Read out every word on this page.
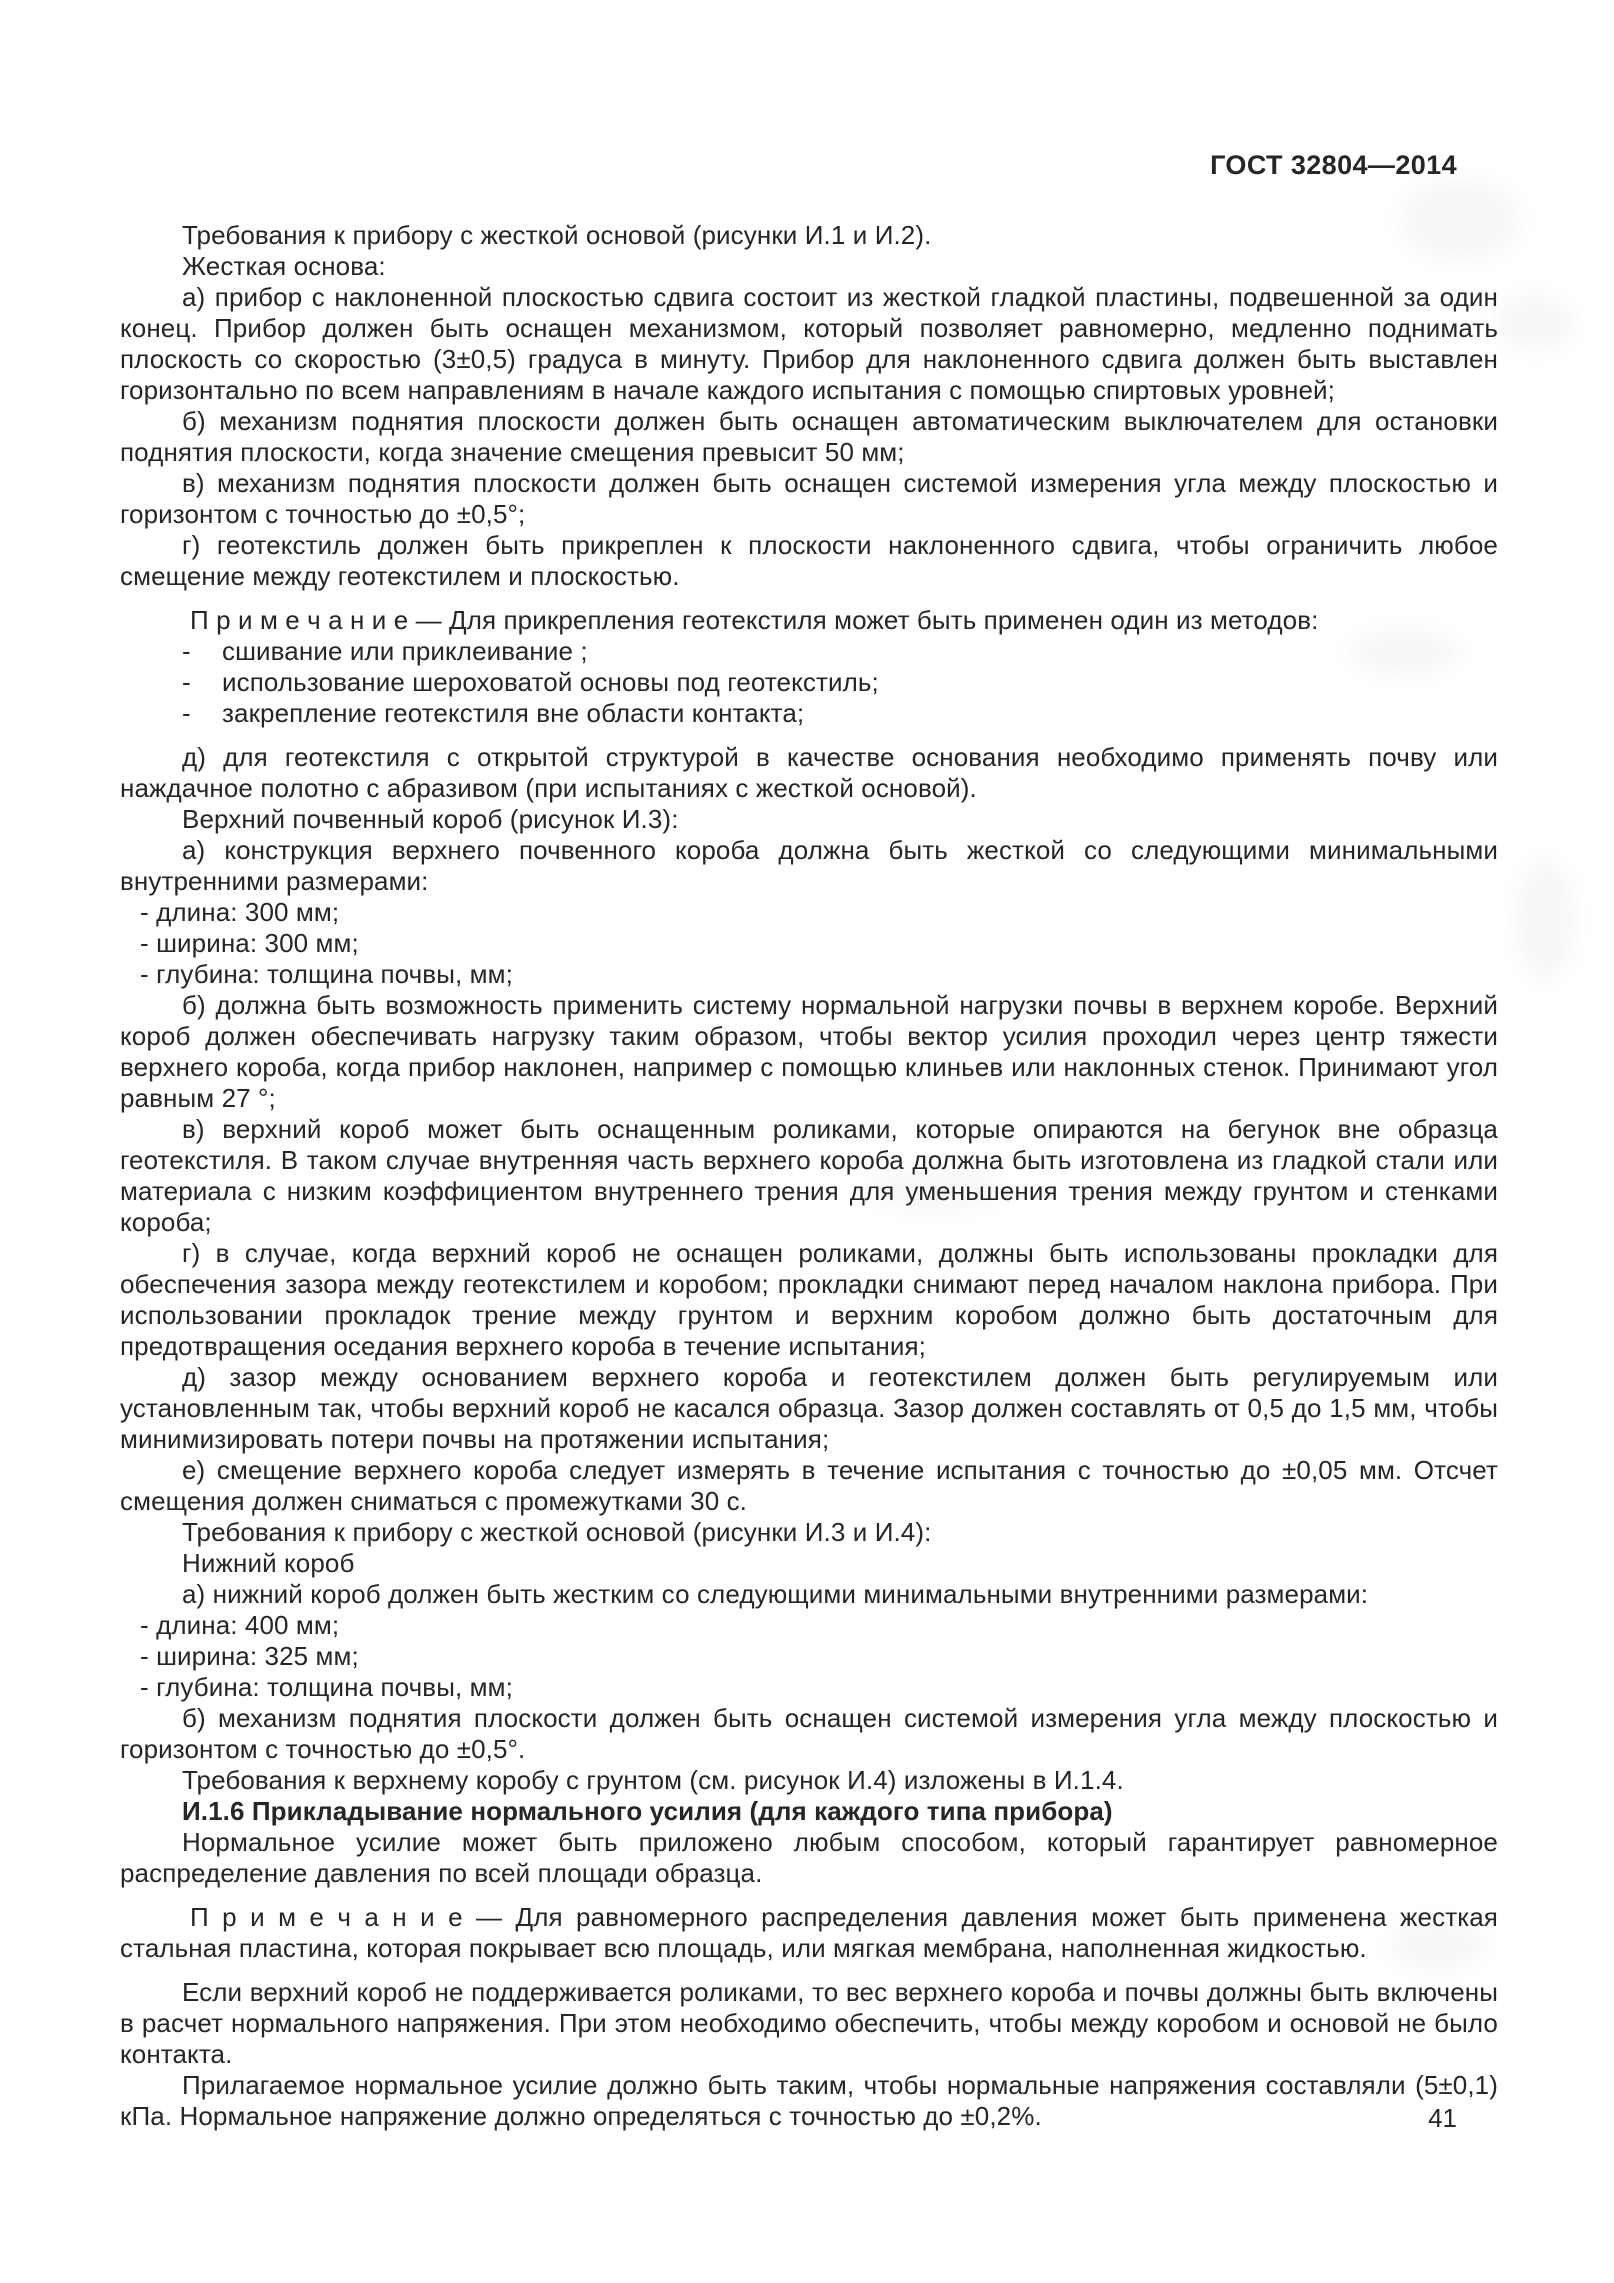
ГОСТ 32804—2014

Требования к прибору с жесткой основой (рисунки И.1 и И.2).

Жесткая основа:

а) прибор с наклоненной плоскостью сдвига состоит из жесткой гладкой пластины, подвешенной за один конец. Прибор должен быть оснащен механизмом, который позволяет равномерно, медленно поднимать плоскость со скоростью (3±0,5) градуса в минуту. Прибор для наклоненного сдвига должен быть выставлен горизонтально по всем направлениям в начале каждого испытания с помощью спиртовых уровней;

б) механизм поднятия плоскости должен быть оснащен автоматическим выключателем для остановки поднятия плоскости, когда значение смещения превысит 50 мм;

в) механизм поднятия плоскости должен быть оснащен системой измерения угла между плоскостью и горизонтом с точностью до ±0,5°;

г) геотекстиль должен быть прикреплен к плоскости наклоненного сдвига, чтобы ограничить любое смещение между геотекстилем и плоскостью.

П р и м е ч а н и е — Для прикрепления геотекстиля может быть применен один из методов:

- сшивание или приклеивание ;

- использование шероховатой основы под геотекстиль;

- закрепление геотекстиля вне области контакта;

д) для геотекстиля с открытой структурой в качестве основания необходимо применять почву или наждачное полотно с абразивом (при испытаниях с жесткой основой).

Верхний почвенный короб (рисунок И.3):

а) конструкция верхнего почвенного короба должна быть жесткой со следующими минимальными внутренними размерами:

- длина: 300 мм;

- ширина: 300 мм;

- глубина: толщина почвы, мм;

б) должна быть возможность применить систему нормальной нагрузки почвы в верхнем коробе. Верхний короб должен обеспечивать нагрузку таким образом, чтобы вектор усилия проходил через центр тяжести верхнего короба, когда прибор наклонен, например с помощью клиньев или наклонных стенок. Принимают угол равным 27 °;

в) верхний короб может быть оснащенным роликами, которые опираются на бегунок вне образца геотекстиля. В таком случае внутренняя часть верхнего короба должна быть изготовлена из гладкой стали или материала с низким коэффициентом внутреннего трения для уменьшения трения между грунтом и стенками короба;

г) в случае, когда верхний короб не оснащен роликами, должны быть использованы прокладки для обеспечения зазора между геотекстилем и коробом; прокладки снимают перед началом наклона прибора. При использовании прокладок трение между грунтом и верхним коробом должно быть достаточным для предотвращения оседания верхнего короба в течение испытания;

д) зазор между основанием верхнего короба и геотекстилем должен быть регулируемым или установленным так, чтобы верхний короб не касался образца. Зазор должен составлять от 0,5 до 1,5 мм, чтобы минимизировать потери почвы на протяжении испытания;

е) смещение верхнего короба следует измерять в течение испытания с точностью до ±0,05 мм. Отсчет смещения должен сниматься с промежутками 30 с.

Требования к прибору с жесткой основой (рисунки И.3 и И.4):

Нижний короб

а) нижний короб должен быть жестким со следующими минимальными внутренними размерами:

- длина: 400 мм;

- ширина: 325 мм;

- глубина: толщина почвы, мм;

б) механизм поднятия плоскости должен быть оснащен системой измерения угла между плоскостью и горизонтом с точностью до ±0,5°.

Требования к верхнему коробу с грунтом (см. рисунок И.4) изложены в И.1.4.

И.1.6 Прикладывание нормального усилия (для каждого типа прибора)

Нормальное усилие может быть приложено любым способом, который гарантирует равномерное распределение давления по всей площади образца.

П р и м е ч а н и е — Для равномерного распределения давления может быть применена жесткая стальная пластина, которая покрывает всю площадь, или мягкая мембрана, наполненная жидкостью.

Если верхний короб не поддерживается роликами, то вес верхнего короба и почвы должны быть включены в расчет нормального напряжения. При этом необходимо обеспечить, чтобы между коробом и основой не было контакта.

Прилагаемое нормальное усилие должно быть таким, чтобы нормальные напряжения составляли (5±0,1) кПа. Нормальное напряжение должно определяться с точностью до ±0,2%.	41
